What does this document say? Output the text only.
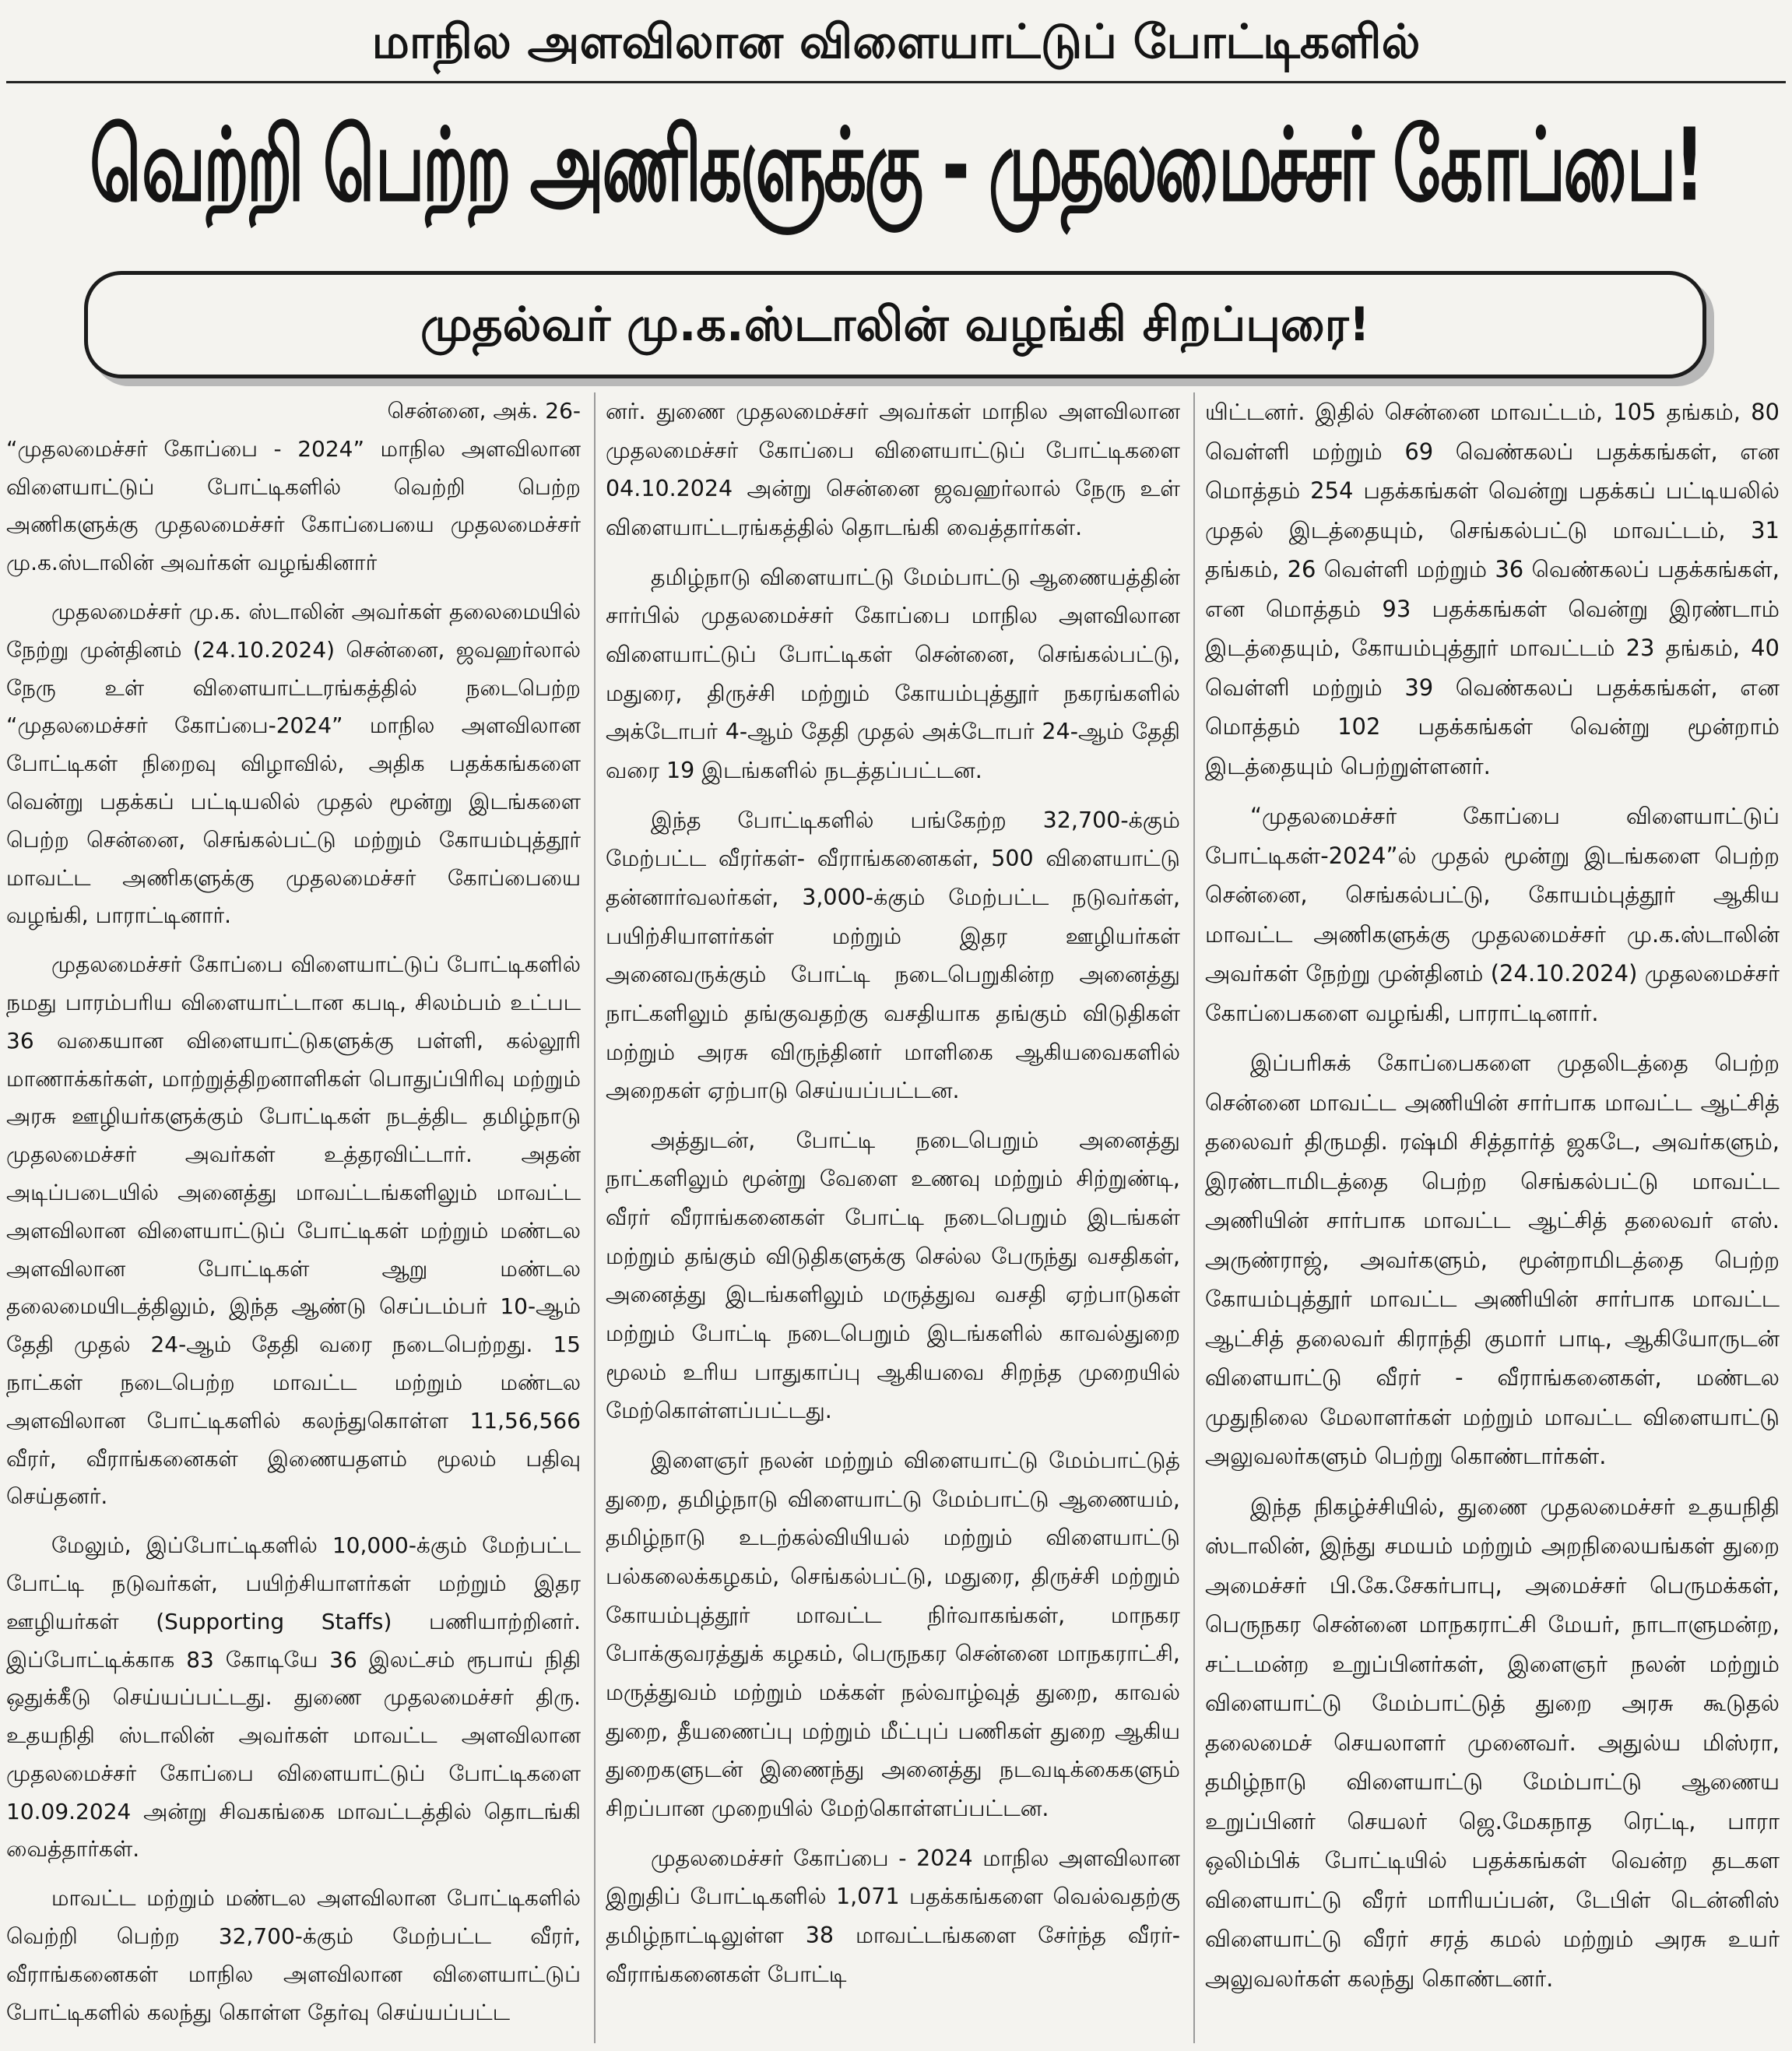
மாநில அளவிலான விளையாட்டுப் போட்டிகளில்
வெற்றி பெற்ற அணிகளுக்கு - முதலமைச்சர் கோப்பை!
முதல்வர் மு.க.ஸ்டாலின் வழங்கி சிறப்புரை!

சென்னை, அக். 26-

“முதலமைச்சர் கோப்பை - 2024” மாநில அளவிலான விளையாட்டுப் போட்டிகளில் வெற்றி பெற்ற அணிகளுக்கு முதலமைச்சர் கோப்பையை முதலமைச்சர் மு.க.ஸ்டாலின் அவர்கள் வழங்கினார்

முதலமைச்சர் மு.க. ஸ்டாலின் அவர்கள் தலைமையில் நேற்று முன்தினம் (24.10.2024) சென்னை, ஜவஹர்லால் நேரு உள் விளையாட்டரங்கத்தில் நடைபெற்ற “முதலமைச்சர் கோப்பை-2024” மாநில அளவிலான போட்டிகள் நிறைவு விழாவில், அதிக பதக்கங்களை வென்று பதக்கப் பட்டியலில் முதல் மூன்று இடங்களை பெற்ற சென்னை, செங்கல்பட்டு மற்றும் கோயம்புத்தூர் மாவட்ட அணிகளுக்கு முதலமைச்சர் கோப்பையை வழங்கி, பாராட்டினார்.

முதலமைச்சர் கோப்பை விளையாட்டுப் போட்டிகளில் நமது பாரம்பரிய விளையாட்டான கபடி, சிலம்பம் உட்பட 36 வகையான விளையாட்டுகளுக்கு பள்ளி, கல்லூரி மாணாக்கர்கள், மாற்றுத்திறனாளிகள் பொதுப்பிரிவு மற்றும் அரசு ஊழியர்களுக்கும் போட்டிகள் நடத்திட தமிழ்நாடு முதலமைச்சர் அவர்கள் உத்தரவிட்டார். அதன் அடிப்படையில் அனைத்து மாவட்டங்களிலும் மாவட்ட அளவிலான விளையாட்டுப் போட்டிகள் மற்றும் மண்டல அளவிலான போட்டிகள் ஆறு மண்டல தலைமையிடத்திலும், இந்த ஆண்டு செப்டம்பர் 10-ஆம் தேதி முதல் 24-ஆம் தேதி வரை நடைபெற்றது. 15 நாட்கள் நடைபெற்ற மாவட்ட மற்றும் மண்டல அளவிலான போட்டிகளில் கலந்துகொள்ள 11,56,566 வீரர், வீராங்கனைகள் இணையதளம் மூலம் பதிவு செய்தனர்.

மேலும், இப்போட்டிகளில் 10,000-க்கும் மேற்பட்ட போட்டி நடுவர்கள், பயிற்சியாளர்கள் மற்றும் இதர ஊழியர்கள் (Supporting Staffs) பணியாற்றினர். இப்போட்டிக்காக 83 கோடியே 36 இலட்சம் ரூபாய் நிதி ஒதுக்கீடு செய்யப்பட்டது. துணை முதலமைச்சர் திரு. உதயநிதி ஸ்டாலின் அவர்கள் மாவட்ட அளவிலான முதலமைச்சர் கோப்பை விளையாட்டுப் போட்டிகளை 10.09.2024 அன்று சிவகங்கை மாவட்டத்தில் தொடங்கி வைத்தார்கள்.

மாவட்ட மற்றும் மண்டல அளவிலான போட்டிகளில் வெற்றி பெற்ற 32,700-க்கும் மேற்பட்ட வீரர், வீராங்கனைகள் மாநில அளவிலான விளையாட்டுப் போட்டிகளில் கலந்து கொள்ள தேர்வு செய்யப்பட்ட

னர். துணை முதலமைச்சர் அவர்கள் மாநில அளவிலான முதலமைச்சர் கோப்பை விளையாட்டுப் போட்டிகளை 04.10.2024 அன்று சென்னை ஜவஹர்லால் நேரு உள் விளையாட்டரங்கத்தில் தொடங்கி வைத்தார்கள்.

தமிழ்நாடு விளையாட்டு மேம்பாட்டு ஆணையத்தின் சார்பில் முதலமைச்சர் கோப்பை மாநில அளவிலான விளையாட்டுப் போட்டிகள் சென்னை, செங்கல்பட்டு, மதுரை, திருச்சி மற்றும் கோயம்புத்தூர் நகரங்களில் அக்டோபர் 4-ஆம் தேதி முதல் அக்டோபர் 24-ஆம் தேதி வரை 19 இடங்களில் நடத்தப்பட்டன.

இந்த போட்டிகளில் பங்கேற்ற 32,700-க்கும் மேற்பட்ட வீரர்கள்- வீராங்கனைகள், 500 விளையாட்டு தன்னார்வலர்கள், 3,000-க்கும் மேற்பட்ட நடுவர்கள், பயிற்சியாளர்கள் மற்றும் இதர ஊழியர்கள் அனைவருக்கும் போட்டி நடைபெறுகின்ற அனைத்து நாட்களிலும் தங்குவதற்கு வசதியாக தங்கும் விடுதிகள் மற்றும் அரசு விருந்தினர் மாளிகை ஆகியவைகளில் அறைகள் ஏற்பாடு செய்யப்பட்டன.

அத்துடன், போட்டி நடைபெறும் அனைத்து நாட்களிலும் மூன்று வேளை உணவு மற்றும் சிற்றுண்டி, வீரர் வீராங்கனைகள் போட்டி நடைபெறும் இடங்கள் மற்றும் தங்கும் விடுதிகளுக்கு செல்ல பேருந்து வசதிகள், அனைத்து இடங்களிலும் மருத்துவ வசதி ஏற்பாடுகள் மற்றும் போட்டி நடைபெறும் இடங்களில் காவல்துறை மூலம் உரிய பாதுகாப்பு ஆகியவை சிறந்த முறையில் மேற்கொள்ளப்பட்டது.

இளைஞர் நலன் மற்றும் விளையாட்டு மேம்பாட்டுத் துறை, தமிழ்நாடு விளையாட்டு மேம்பாட்டு ஆணையம், தமிழ்நாடு உடற்கல்வியியல் மற்றும் விளையாட்டு பல்கலைக்கழகம், செங்கல்பட்டு, மதுரை, திருச்சி மற்றும் கோயம்புத்தூர் மாவட்ட நிர்வாகங்கள், மாநகர போக்குவரத்துக் கழகம், பெருநகர சென்னை மாநகராட்சி, மருத்துவம் மற்றும் மக்கள் நல்வாழ்வுத் துறை, காவல் துறை, தீயணைப்பு மற்றும் மீட்புப் பணிகள் துறை ஆகிய துறைகளுடன் இணைந்து அனைத்து நடவடிக்கைகளும் சிறப்பான முறையில் மேற்கொள்ளப்பட்டன.

முதலமைச்சர் கோப்பை - 2024 மாநில அளவிலான இறுதிப் போட்டிகளில் 1,071 பதக்கங்களை வெல்வதற்கு தமிழ்நாட்டிலுள்ள 38 மாவட்டங்களை சேர்ந்த வீரர்-வீராங்கனைகள் போட்டி

யிட்டனர். இதில் சென்னை மாவட்டம், 105 தங்கம், 80 வெள்ளி மற்றும் 69 வெண்கலப் பதக்கங்கள், என மொத்தம் 254 பதக்கங்கள் வென்று பதக்கப் பட்டியலில் முதல் இடத்தையும், செங்கல்பட்டு மாவட்டம், 31 தங்கம், 26 வெள்ளி மற்றும் 36 வெண்கலப் பதக்கங்கள், என மொத்தம் 93 பதக்கங்கள் வென்று இரண்டாம் இடத்தையும், கோயம்புத்தூர் மாவட்டம் 23 தங்கம், 40 வெள்ளி மற்றும் 39 வெண்கலப் பதக்கங்கள், என மொத்தம் 102 பதக்கங்கள் வென்று மூன்றாம் இடத்தையும் பெற்றுள்ளனர்.

“முதலமைச்சர் கோப்பை விளையாட்டுப் போட்டிகள்-2024”ல் முதல் மூன்று இடங்களை பெற்ற சென்னை, செங்கல்பட்டு, கோயம்புத்தூர் ஆகிய மாவட்ட அணிகளுக்கு முதலமைச்சர் மு.க.ஸ்டாலின் அவர்கள் நேற்று முன்தினம் (24.10.2024) முதலமைச்சர் கோப்பைகளை வழங்கி, பாராட்டினார்.

இப்பரிசுக் கோப்பைகளை முதலிடத்தை பெற்ற சென்னை மாவட்ட அணியின் சார்பாக மாவட்ட ஆட்சித் தலைவர் திருமதி. ரஷ்மி சித்தார்த் ஜகடே, அவர்களும், இரண்டாமிடத்தை பெற்ற செங்கல்பட்டு மாவட்ட அணியின் சார்பாக மாவட்ட ஆட்சித் தலைவர் எஸ். அருண்ராஜ், அவர்களும், மூன்றாமிடத்தை பெற்ற கோயம்புத்தூர் மாவட்ட அணியின் சார்பாக மாவட்ட ஆட்சித் தலைவர் கிராந்தி குமார் பாடி, ஆகியோருடன் விளையாட்டு வீரர் - வீராங்கனைகள், மண்டல முதுநிலை மேலாளர்கள் மற்றும் மாவட்ட விளையாட்டு அலுவலர்களும் பெற்று கொண்டார்கள்.

இந்த நிகழ்ச்சியில், துணை முதலமைச்சர் உதயநிதி ஸ்டாலின், இந்து சமயம் மற்றும் அறநிலையங்கள் துறை அமைச்சர் பி.கே.சேகர்பாபு, அமைச்சர் பெருமக்கள், பெருநகர சென்னை மாநகராட்சி மேயர், நாடாளுமன்ற, சட்டமன்ற உறுப்பினர்கள், இளைஞர் நலன் மற்றும் விளையாட்டு மேம்பாட்டுத் துறை அரசு கூடுதல் தலைமைச் செயலாளர் முனைவர். அதுல்ய மிஸ்ரா, தமிழ்நாடு விளையாட்டு மேம்பாட்டு ஆணைய உறுப்பினர் செயலர் ஜெ.மேகநாத ரெட்டி, பாரா ஒலிம்பிக் போட்டியில் பதக்கங்கள் வென்ற தடகள விளையாட்டு வீரர் மாரியப்பன், டேபிள் டென்னிஸ் விளையாட்டு வீரர் சரத் கமல் மற்றும் அரசு உயர் அலுவலர்கள் கலந்து கொண்டனர்.
